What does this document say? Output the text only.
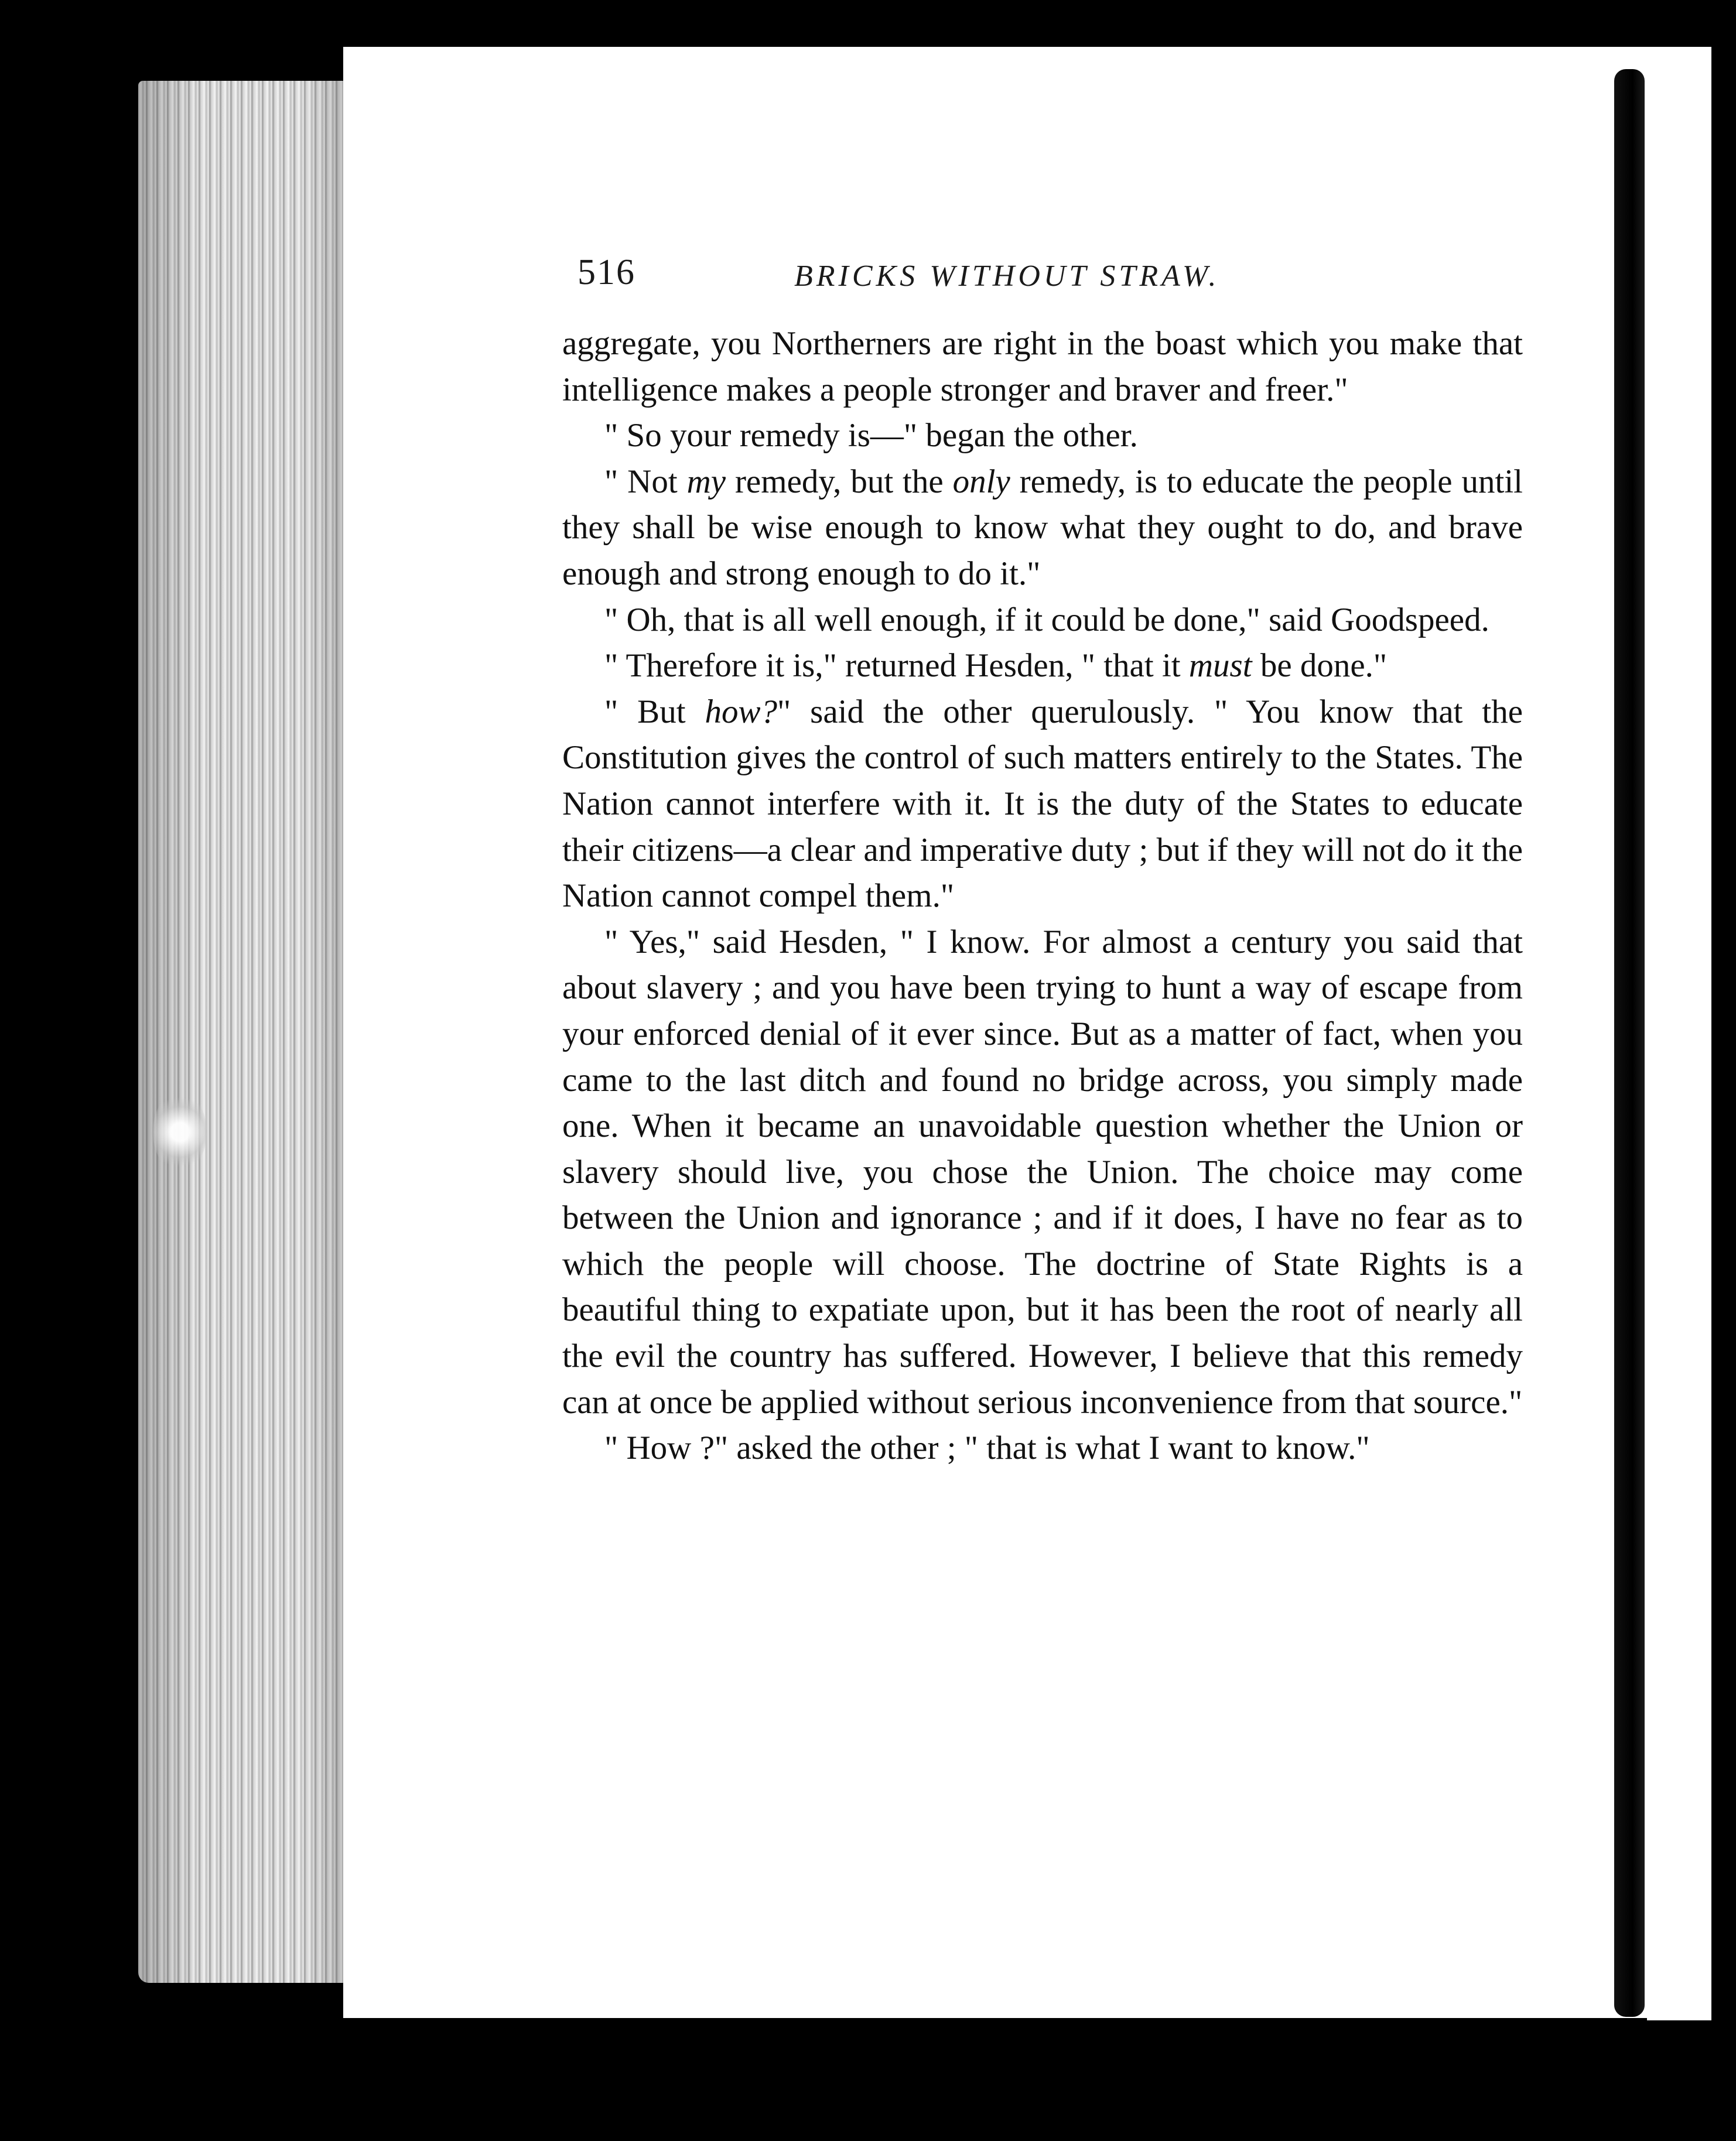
516	BRICKS WITHOUT STRAW.

aggregate, you Northerners are right in the boast which you make that intelligence makes a people stronger and braver and freer."

" So your remedy is—" began the other.

" Not my remedy, but the only remedy, is to educate the people until they shall be wise enough to know what they ought to do, and brave enough and strong enough to do it."

" Oh, that is all well enough, if it could be done," said Goodspeed.

" Therefore it is," returned Hesden, " that it must be done."

" But how?" said the other querulously. " You know that the Constitution gives the control of such matters entirely to the States. The Nation cannot interfere with it. It is the duty of the States to educate their citizens—a clear and imperative duty ; but if they will not do it the Nation cannot compel them."

" Yes," said Hesden, " I know. For almost a century you said that about slavery ; and you have been trying to hunt a way of escape from your enforced denial of it ever since. But as a matter of fact, when you came to the last ditch and found no bridge across, you simply made one. When it became an unavoidable question whether the Union or slavery should live, you chose the Union. The choice may come between the Union and ignorance ; and if it does, I have no fear as to which the people will choose. The doctrine of State Rights is a beautiful thing to expatiate upon, but it has been the root of nearly all the evil the country has suffered. However, I believe that this remedy can at once be applied without serious inconvenience from that source."

" How ?" asked the other ; " that is what I want to know."
